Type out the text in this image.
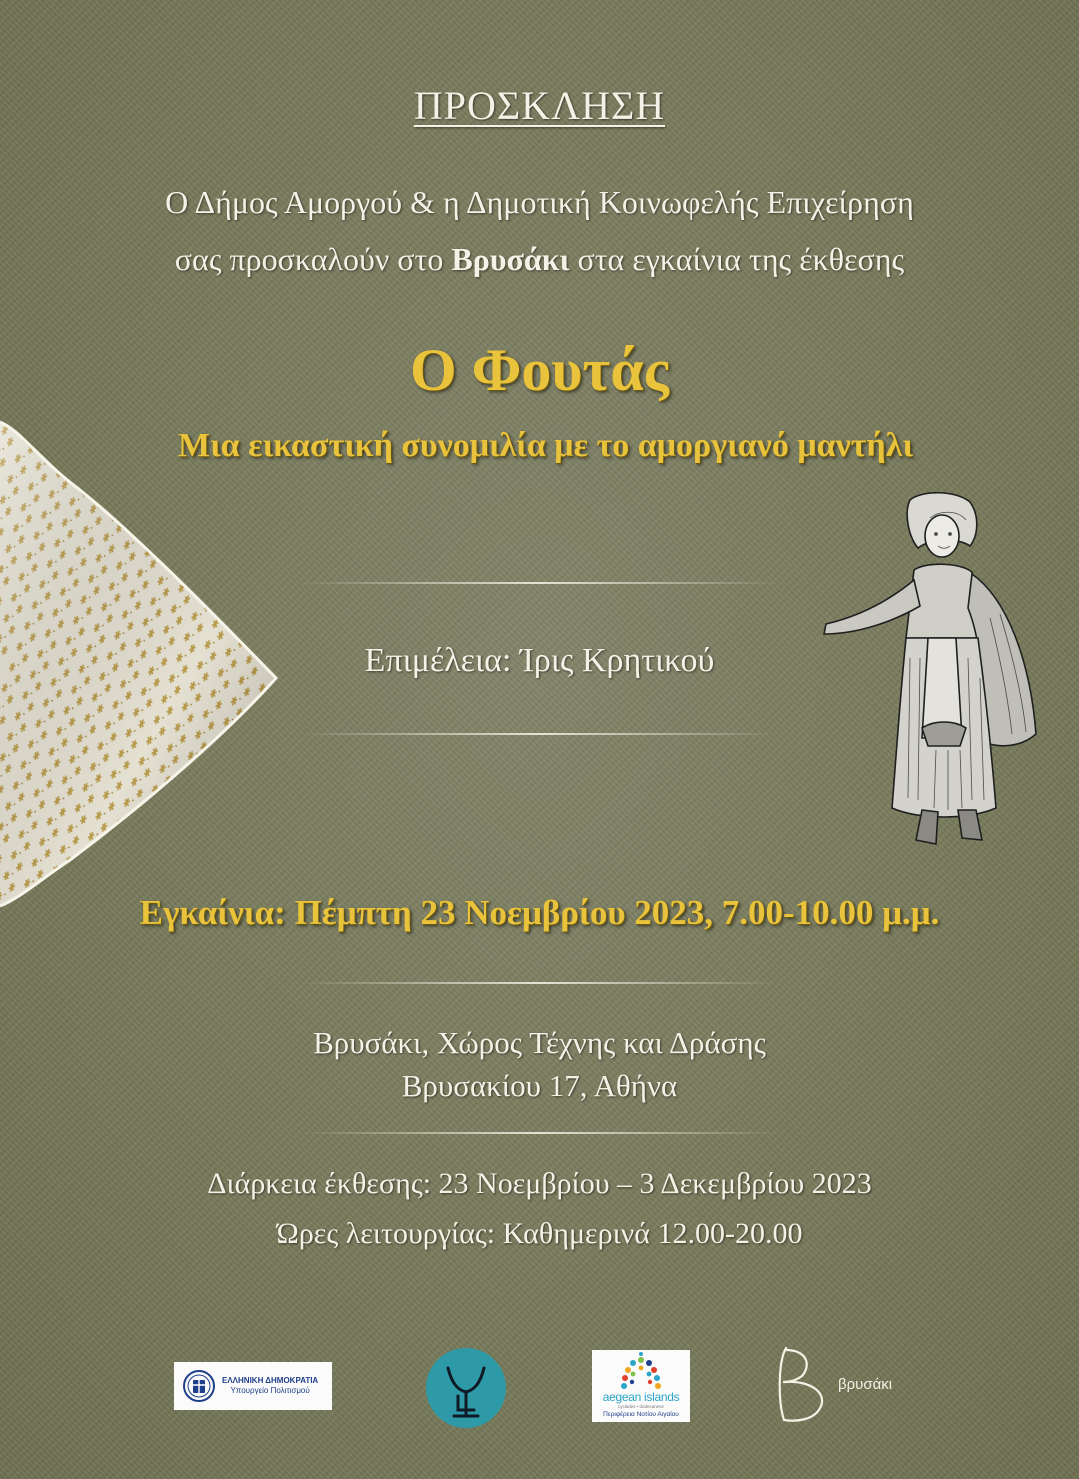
ΠΡΟΣΚΛΗΣΗ
Ο Δήμος Αμοργού & η Δημοτική Κοινωφελής Επιχείρηση
σας προσκαλούν στο Βρυσάκι στα εγκαίνια της έκθεσης
Ο Φουτάς
Μια εικαστική συνομιλία με το αμοργιανό μαντήλι
Επιμέλεια: Ίρις Κρητικού
Εγκαίνια: Πέμπτη 23 Νοεμβρίου 2023, 7.00-10.00 μ.μ.
Βρυσάκι, Χώρος Τέχνης και Δράσης
Βρυσακίου 17, Αθήνα
Διάρκεια έκθεσης: 23 Νοεμβρίου – 3 Δεκεμβρίου 2023
Ώρες λειτουργίας: Καθημερινά 12.00-20.00
ΕΛΛΗΝΙΚΗ ΔΗΜΟΚΡΑΤΙΑ
Υπουργείο Πολιτισμού	aegean islands
cyclades • dodecanese
Περιφέρεια Νοτίου Αιγαίου
βρυσάκι
